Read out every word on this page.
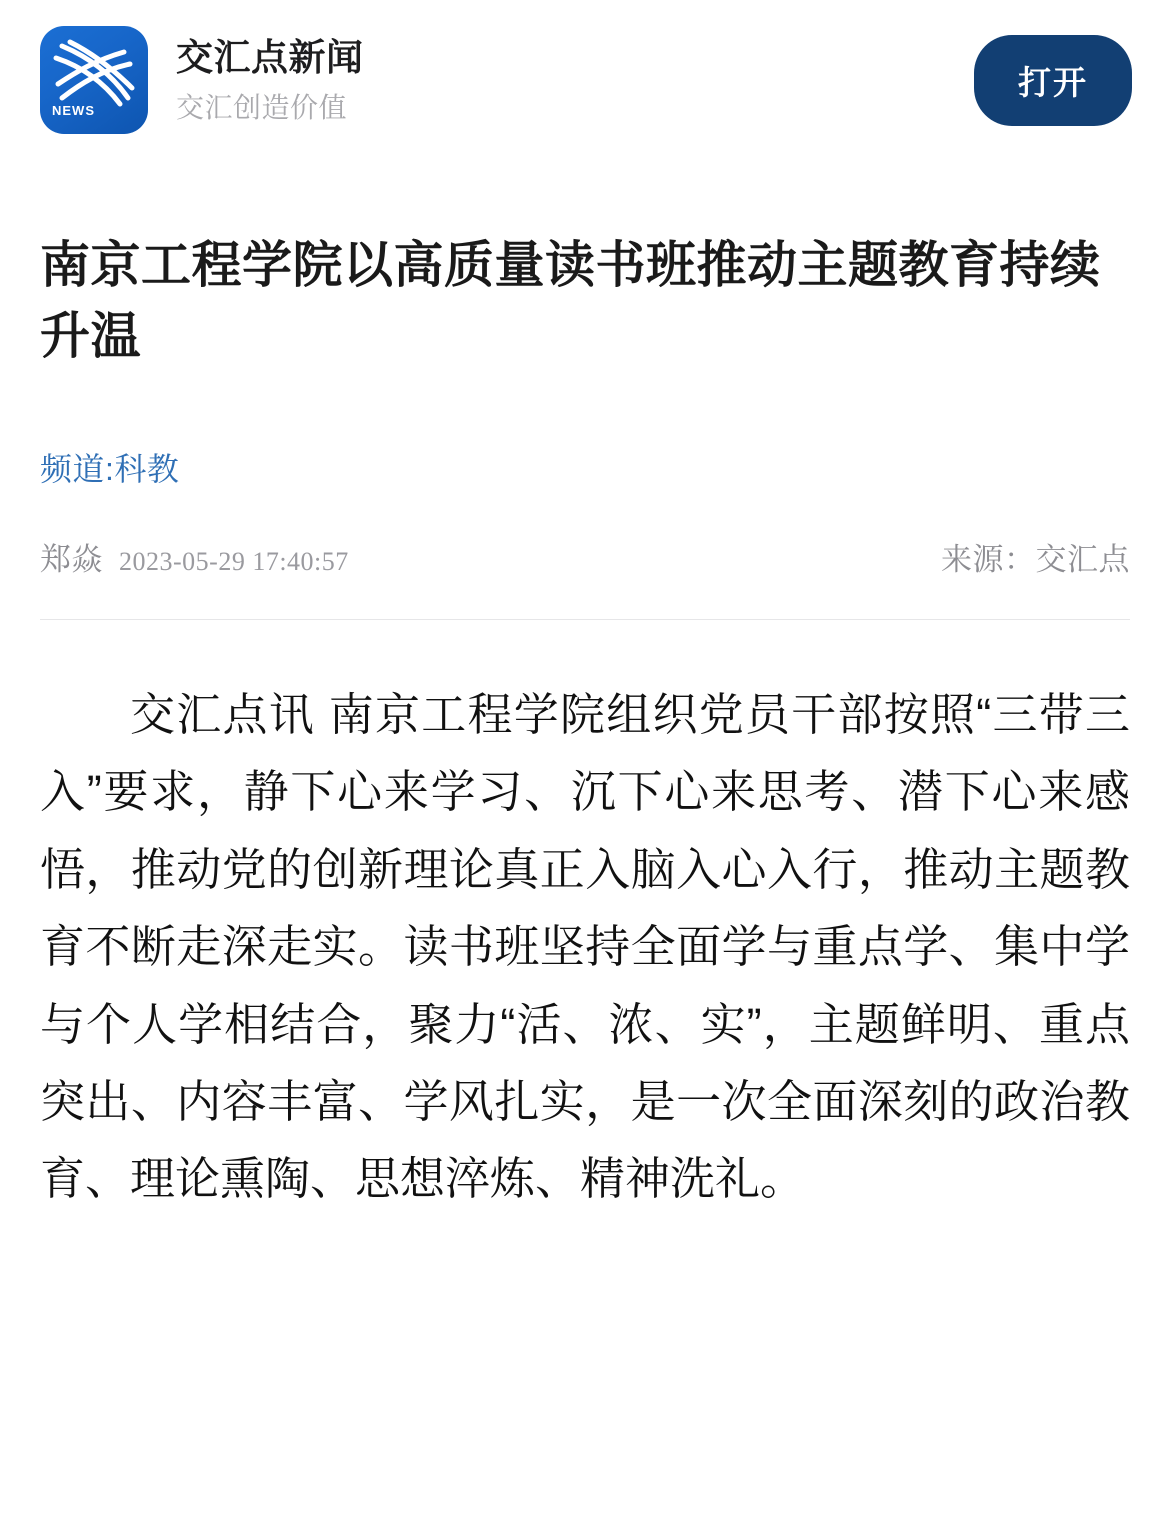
NEWS
交汇点新闻
交汇创造价值
打开
南京工程学院以高质量读书班推动主题教育持续升温
频道:科教
郑焱 2023-05-29 17:40:57	来源：交汇点

交汇点讯 南京工程学院组织党员干部按照“三带三入”要求，静下心来学习、沉下心来思考、潜下心来感悟，推动党的创新理论真正入脑入心入行，推动主题教育不断走深走实。读书班坚持全面学与重点学、集中学与个人学相结合，聚力“活、浓、实”，主题鲜明、重点突出、内容丰富、学风扎实，是一次全面深刻的政治教育、理论熏陶、思想淬炼、精神洗礼。
